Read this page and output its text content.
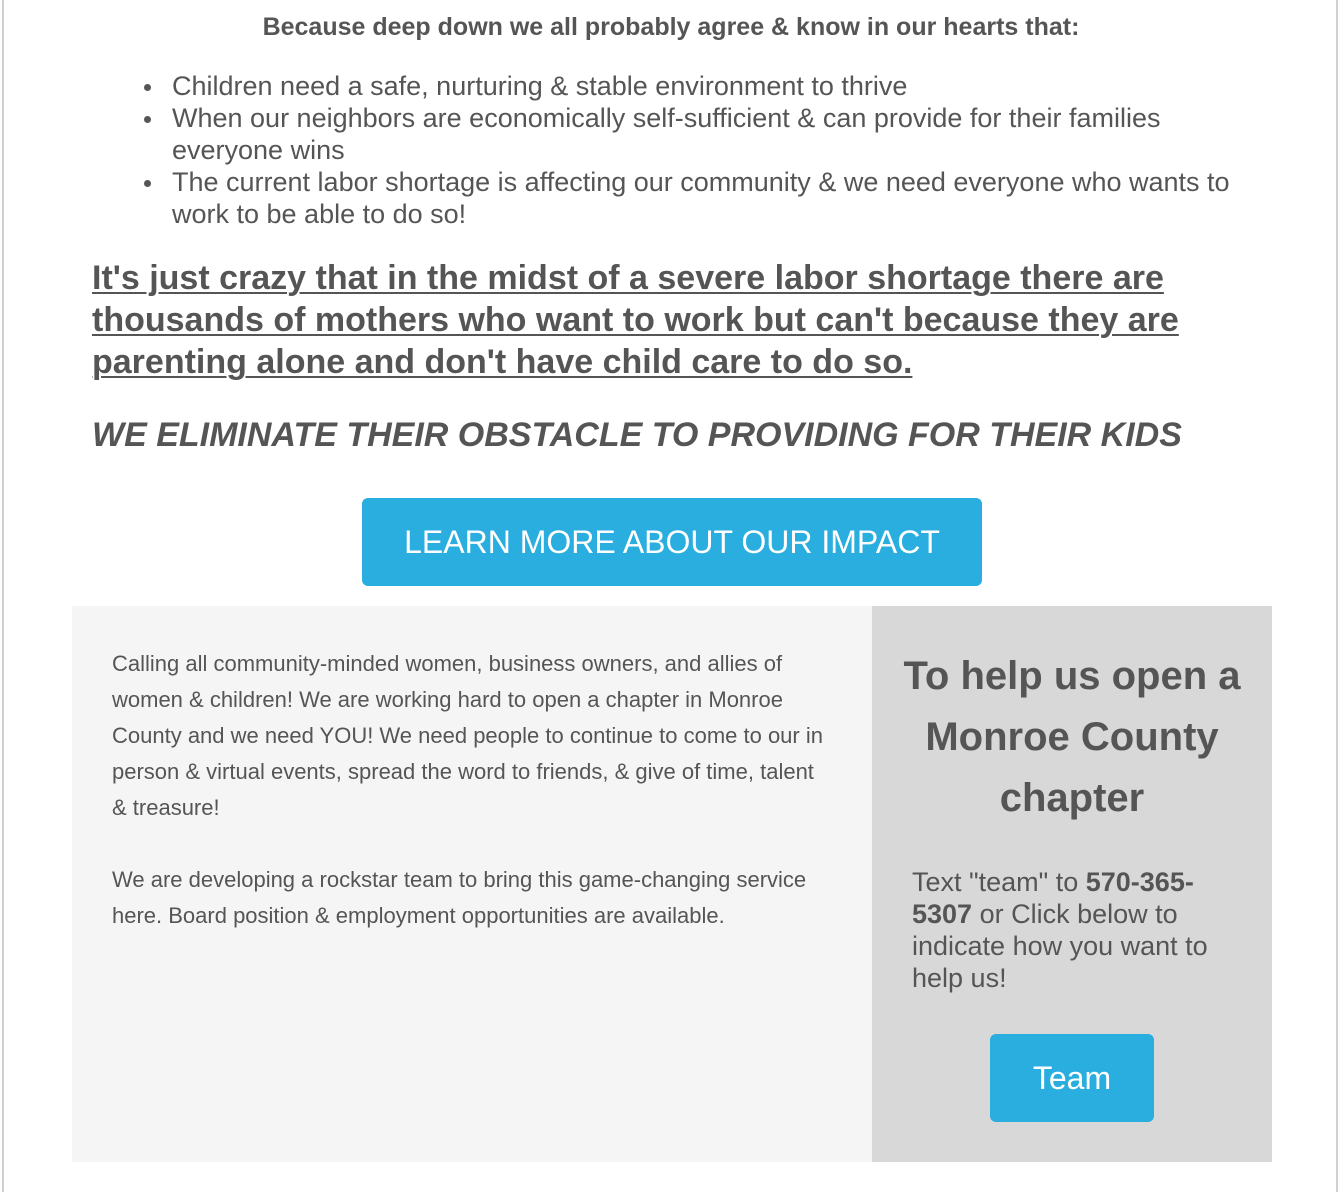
Because deep down we all probably agree & know in our hearts that:
Children need a safe, nurturing & stable environment to thrive
When our neighbors are economically self-sufficient & can provide for their families everyone wins
The current labor shortage is affecting our community & we need everyone who wants to work to be able to do so!
It's just crazy that in the midst of a severe labor shortage there are thousands of mothers who want to work but can't because they are parenting alone and don't have child care to do so.
WE ELIMINATE THEIR OBSTACLE TO PROVIDING FOR THEIR KIDS
LEARN MORE ABOUT OUR IMPACT

Calling all community-minded women, business owners, and allies of women & children! We are working hard to open a chapter in Monroe County and we need YOU! We need people to continue to come to our in person & virtual events, spread the word to friends, & give of time, talent & treasure!

We are developing a rockstar team to bring this game-changing service here. Board position & employment opportunities are available.

To help us open a Monroe County chapter
Text "team" to 570-365-5307 or Click below to indicate how you want to help us!
Team
